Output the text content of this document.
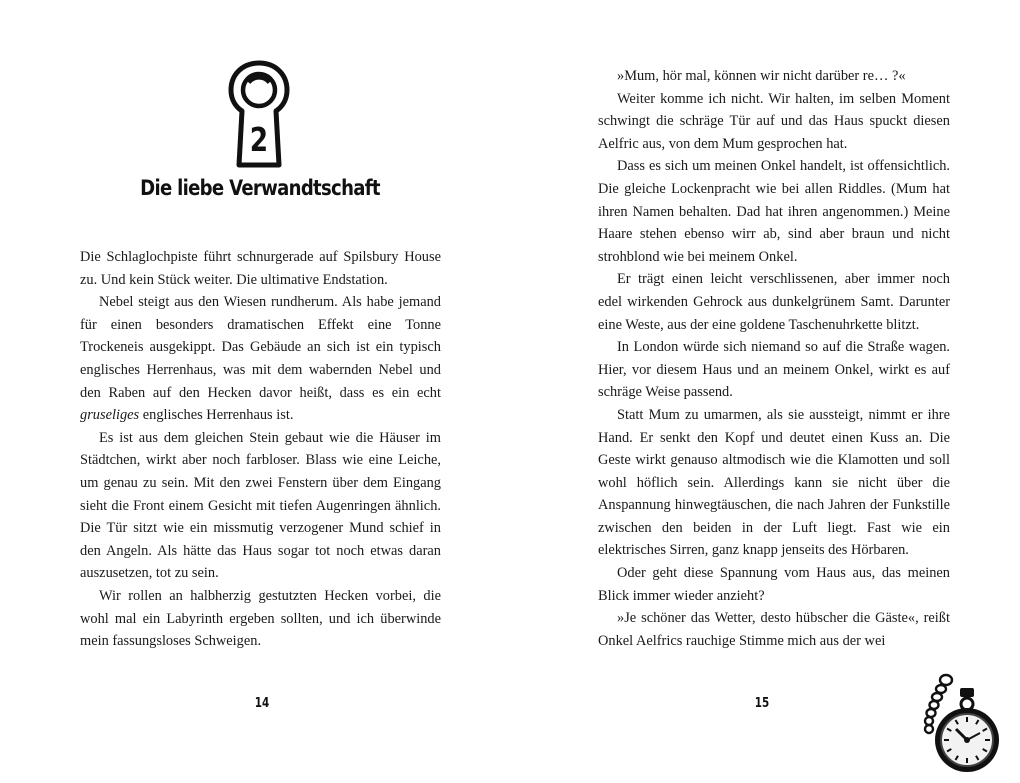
2
Die liebe Verwandtschaft

Die Schlaglochpiste führt schnurgerade auf Spilsbury House zu. Und kein Stück weiter. Die ultimative Endstation.

Nebel steigt aus den Wiesen rundherum. Als habe jemand für einen besonders dramatischen Effekt eine Tonne Trockeneis ausgekippt. Das Gebäude an sich ist ein typisch englisches Herrenhaus, was mit dem wabernden Nebel und den Raben auf den Hecken davor heißt, dass es ein echt gruseliges englisches Herrenhaus ist.

Es ist aus dem gleichen Stein gebaut wie die Häuser im Städtchen, wirkt aber noch farbloser. Blass wie eine Leiche, um genau zu sein. Mit den zwei Fenstern über dem Eingang sieht die Front einem Gesicht mit tiefen Augenringen ähnlich. Die Tür sitzt wie ein missmutig verzogener Mund schief in den Angeln. Als hätte das Haus sogar tot noch etwas daran auszusetzen, tot zu sein.

Wir rollen an halbherzig gestutzten Hecken vorbei, die wohl mal ein Labyrinth ergeben sollten, und ich überwinde mein fassungsloses Schweigen.

14

»Mum, hör mal, können wir nicht darüber re… ?«

Weiter komme ich nicht. Wir halten, im selben Moment schwingt die schräge Tür auf und das Haus spuckt diesen Aelfric aus, von dem Mum gesprochen hat.

Dass es sich um meinen Onkel handelt, ist offensichtlich. Die gleiche Lockenpracht wie bei allen Riddles. (Mum hat ihren Namen behalten. Dad hat ihren angenommen.) Meine Haare stehen ebenso wirr ab, sind aber braun und nicht strohblond wie bei meinem Onkel.

Er trägt einen leicht verschlissenen, aber immer noch edel wirkenden Gehrock aus dunkelgrünem Samt. Darunter eine Weste, aus der eine goldene Taschenuhrkette blitzt.

In London würde sich niemand so auf die Straße wagen. Hier, vor diesem Haus und an meinem Onkel, wirkt es auf schräge Weise passend.

Statt Mum zu umarmen, als sie aussteigt, nimmt er ihre Hand. Er senkt den Kopf und deutet einen Kuss an. Die Geste wirkt genauso altmodisch wie die Klamotten und soll wohl höflich sein. Allerdings kann sie nicht über die Anspannung hinwegtäuschen, die nach Jahren der Funkstille zwischen den beiden in der Luft liegt. Fast wie ein elektrisches Sirren, ganz knapp jenseits des Hörbaren.

Oder geht diese Spannung vom Haus aus, das meinen Blick immer wieder anzieht?

»Je schöner das Wetter, desto hübscher die Gäste«, reißt Onkel Aelfrics rauchige Stimme mich aus der wei

15
